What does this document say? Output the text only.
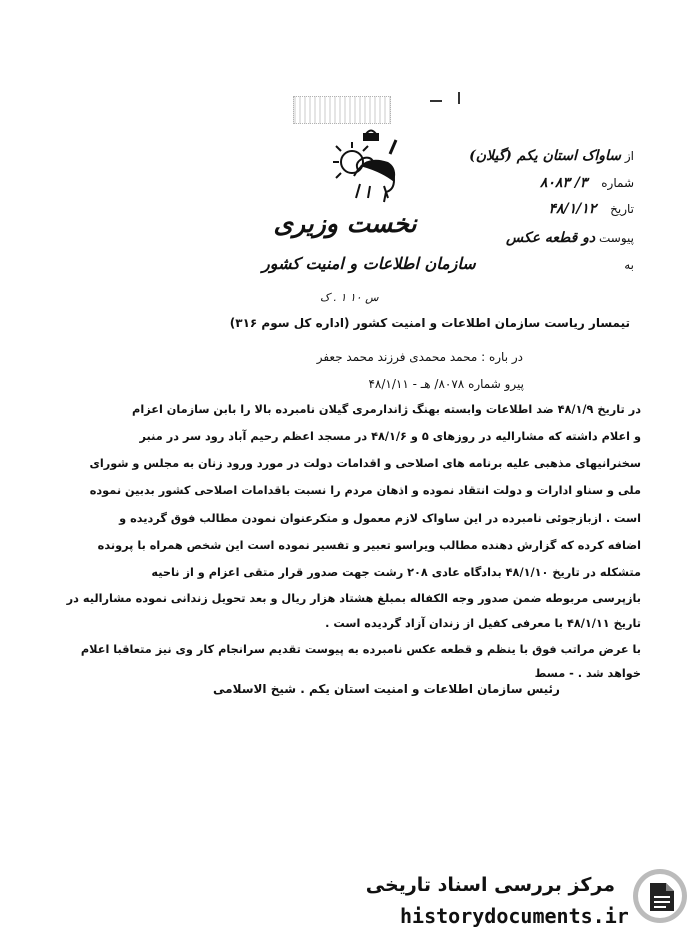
نخست وزیری
سازمان اطلاعات و امنیت کشور
س ۱۰ ۱ . ک
از ساواک استان یکم (گیلان)
شماره ۳/ ۸۰۸۳
تاریخ ۴۸/۱/۱۲
پیوست دو قطعه عکس
به
تیمسار ریاست سازمان اطلاعات و امنیت کشور (اداره کل سوم ۳۱۶)
در باره : محمد محمدی فرزند محمد جعفر
پیرو شماره ۸۰۷۸/ هـ - ۴۸/۱/۱۱
در تاریخ ۴۸/۱/۹ ضد اطلاعات وابسته بهنگ ژاندارمری گیلان نامبرده بالا را بابن سازمان اعزام
و اعلام داشته که مشارالیه در روزهای ۵ و ۴۸/۱/۶ در مسجد اعظم رحیم آباد رود سر در منبر
سخنرانیهای مذهبی علیه برنامه های اصلاحی و اقدامات دولت در مورد ورود زنان به مجلس و شورای
ملی و سناو ادارات و دولت انتقاد نموده و اذهان مردم را نسبت باقدامات اصلاحی کشور بدبین نموده
است . ازبازجوئی نامبرده در این ساواک لازم معمول و متکرعنوان نمودن مطالب فوق گردیده و
اضافه کرده که گزارش دهنده مطالب ویراسو تعبیر و تفسیر نموده است این شخص همراه با پرونده
متشکله در تاریخ ۴۸/۱/۱۰ بدادگاه عادی ۲۰۸ رشت جهت صدور قرار متقی اعزام و از ناحیه
بازپرسی مربوطه ضمن صدور وجه الکفاله بمبلغ هشتاد هزار ریال و بعد تحویل زندانی نموده مشارالیه در
تاریخ ۴۸/۱/۱۱ با معرفی کفیل از زندان آزاد گردیده است .
با عرض مراتب فوق با ینظم و قطعه عکس نامبرده به پیوست تقدیم سرانجام کار وی نیز متعاقبا اعلام
خواهد شد . - مسط
رئیس سازمان اطلاعات و امنیت استان یکم . شیخ الاسلامی
مرکز بررسی اسناد تاریخی
historydocuments.ir
